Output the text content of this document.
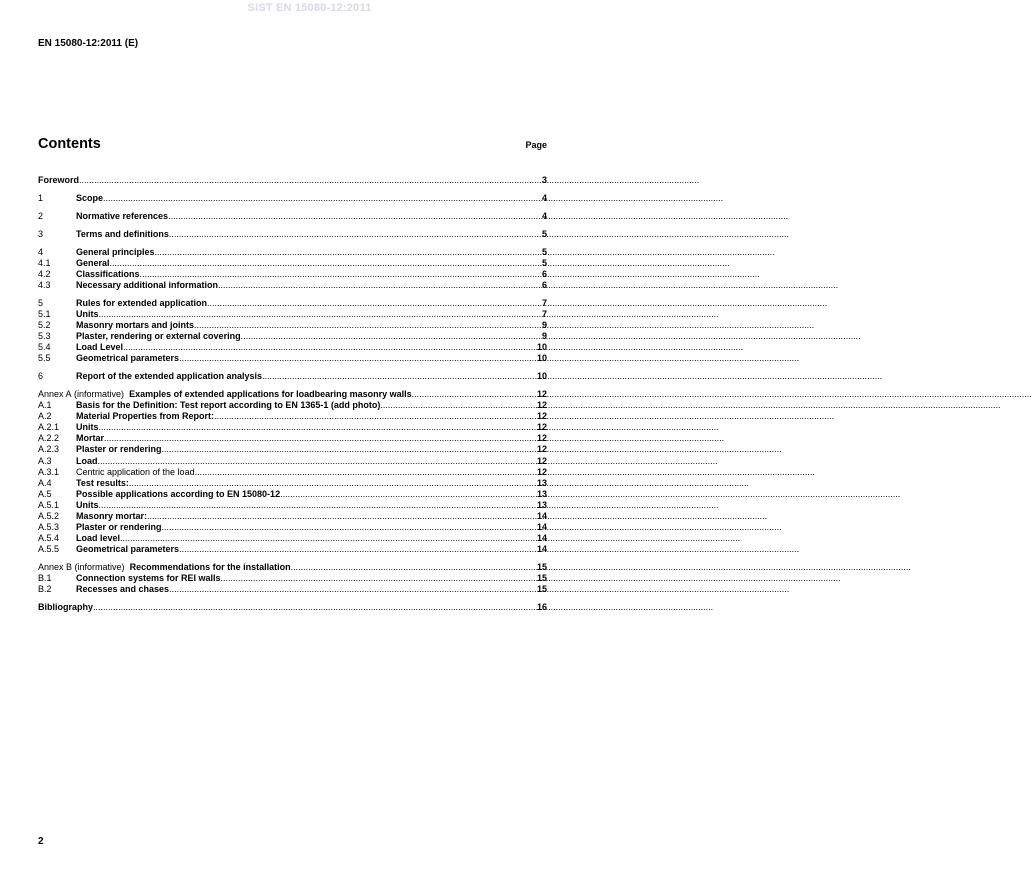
SIST EN 15080-12:2011
EN 15080-12:2011 (E)
Contents	Page
Foreword .....	3
1	Scope .....	4
2	Normative references .....	4
3	Terms and definitions .....	5
4	General principles .....	5
4.1	General .....	5
4.2	Classifications .....	6
4.3	Necessary additional information .....	6
5	Rules for extended application .....	7
5.1	Units .....	7
5.2	Masonry mortars and joints .....	9
5.3	Plaster, rendering or external covering .....	9
5.4	Load Level .....	10
5.5	Geometrical parameters .....	10
6	Report of the extended application analysis .....	10
Annex A (informative) Examples of extended applications for loadbearing masonry walls .....	12
A.1	Basis for the Definition: Test report according to EN 1365-1 (add photo) .....	12
A.2	Material Properties from Report: .....	12
A.2.1	Units .....	12
A.2.2	Mortar .....	12
A.2.3	Plaster or rendering .....	12
A.3	Load .....	12
A.3.1	Centric application of the load .....	12
A.4	Test results: .....	13
A.5	Possible applications according to EN 15080-12 .....	13
A.5.1	Units .....	13
A.5.2	Masonry mortar: .....	14
A.5.3	Plaster or rendering .....	14
A.5.4	Load level .....	14
A.5.5	Geometrical parameters .....	14
Annex B (informative) Recommendations for the installation .....	15
B.1	Connection systems for REI walls .....	15
B.2	Recesses and chases .....	15
Bibliography .....	16
2
